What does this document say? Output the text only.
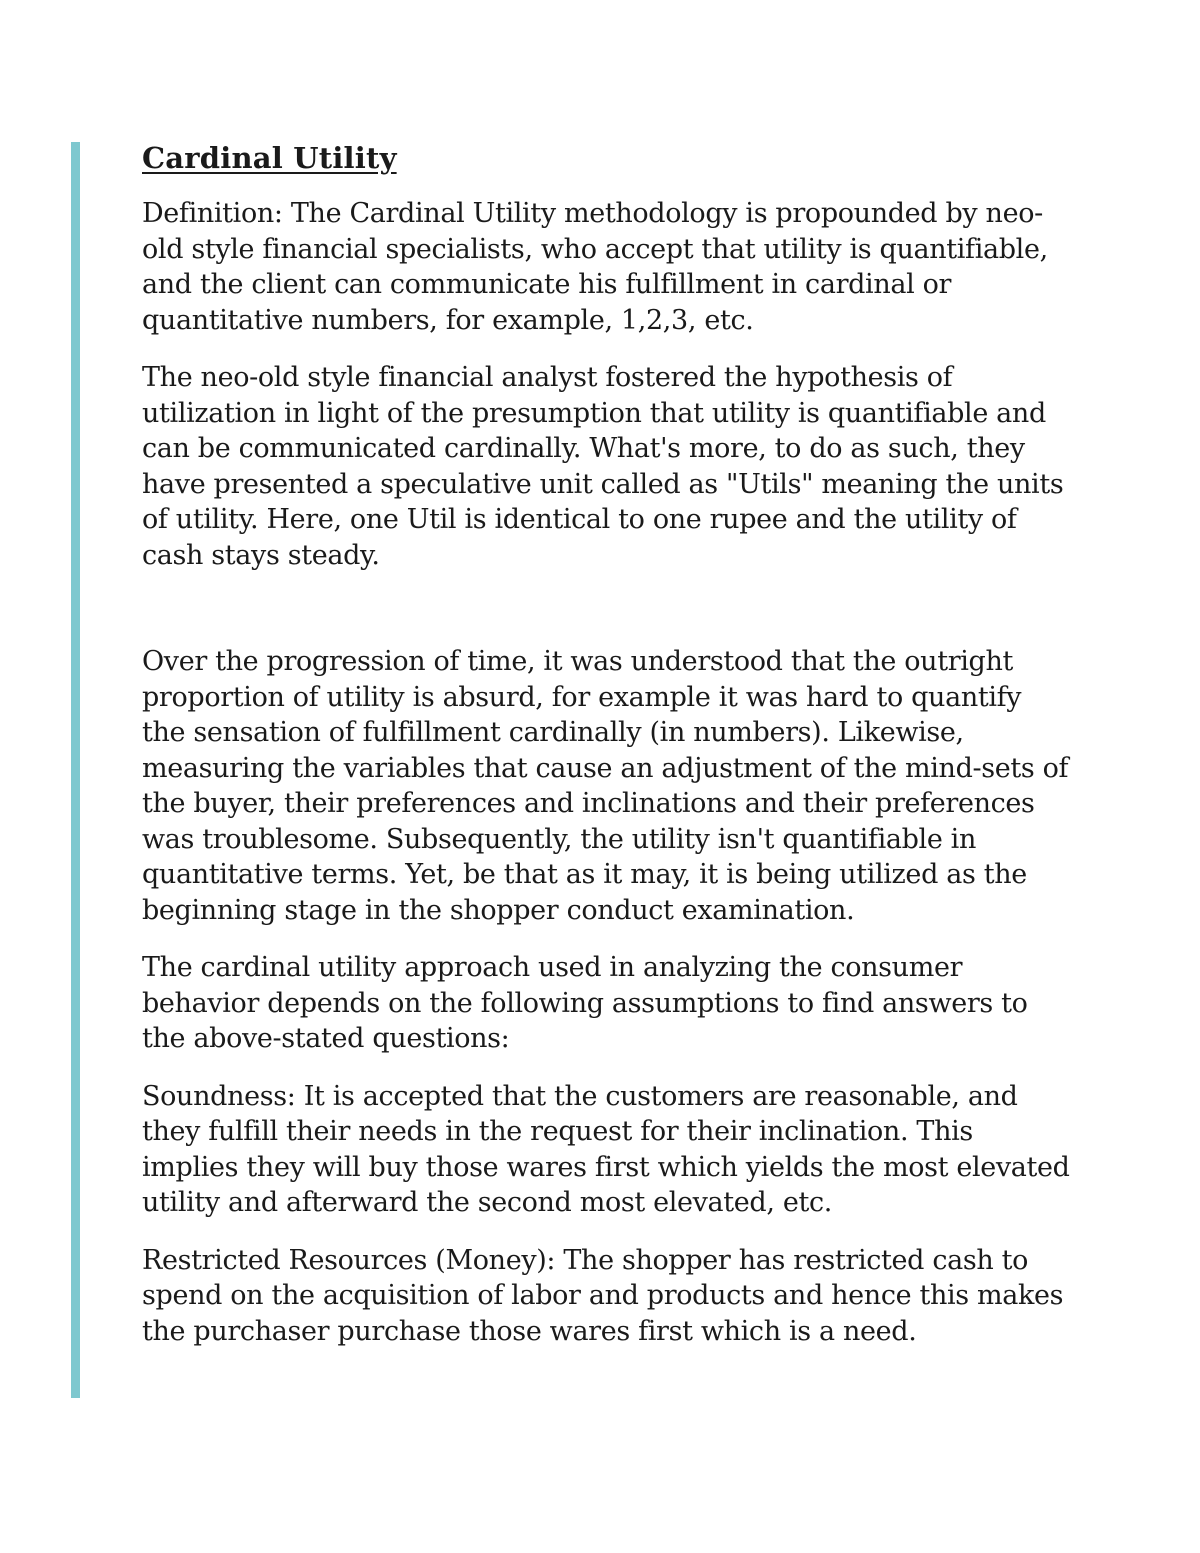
Cardinal Utility

Definition: The Cardinal Utility methodology is propounded by neo-old style financial specialists, who accept that utility is quantifiable, and the client can communicate his fulfillment in cardinal or quantitative numbers, for example, 1,2,3, etc.

The neo-old style financial analyst fostered the hypothesis of utilization in light of the presumption that utility is quantifiable and can be communicated cardinally. What's more, to do as such, they have presented a speculative unit called as "Utils" meaning the units of utility. Here, one Util is identical to one rupee and the utility of cash stays steady.

Over the progression of time, it was understood that the outright proportion of utility is absurd, for example it was hard to quantify the sensation of fulfillment cardinally (in numbers). Likewise, measuring the variables that cause an adjustment of the mind-sets of the buyer, their preferences and inclinations and their preferences was troublesome. Subsequently, the utility isn't quantifiable in quantitative terms. Yet, be that as it may, it is being utilized as the beginning stage in the shopper conduct examination.

The cardinal utility approach used in analyzing the consumer behavior depends on the following assumptions to find answers to the above-stated questions:

Soundness: It is accepted that the customers are reasonable, and they fulfill their needs in the request for their inclination. This implies they will buy those wares first which yields the most elevated utility and afterward the second most elevated, etc.

Restricted Resources (Money): The shopper has restricted cash to spend on the acquisition of labor and products and hence this makes the purchaser purchase those wares first which is a need.
